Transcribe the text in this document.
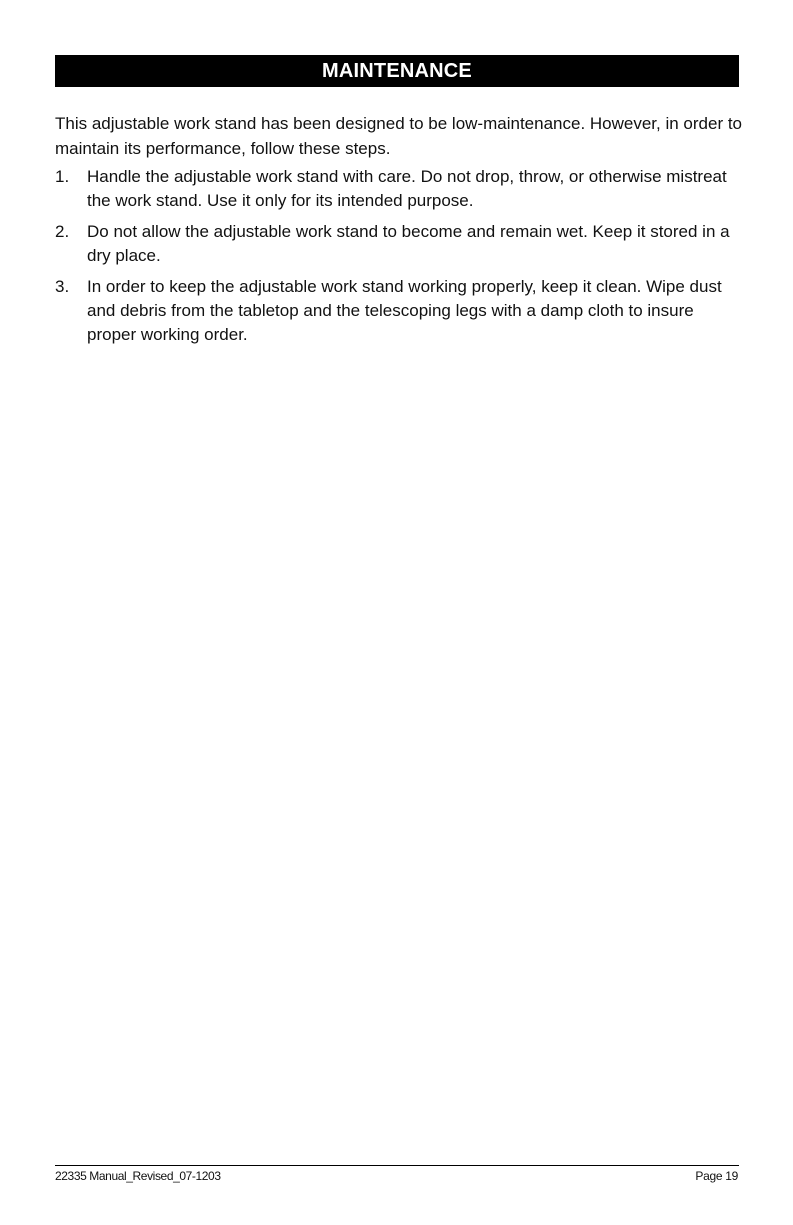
MAINTENANCE

This adjustable work stand has been designed to be low-maintenance. However, in order to maintain its performance, follow these steps.

1. Handle the adjustable work stand with care. Do not drop, throw, or otherwise mistreat the work stand. Use it only for its intended purpose.
2. Do not allow the adjustable work stand to become and remain wet. Keep it stored in a dry place.
3. In order to keep the adjustable work stand working properly, keep it clean. Wipe dust and debris from the tabletop and the telescoping legs with a damp cloth to insure proper working order.
22335 Manual_Revised_07-1203	Page 19
